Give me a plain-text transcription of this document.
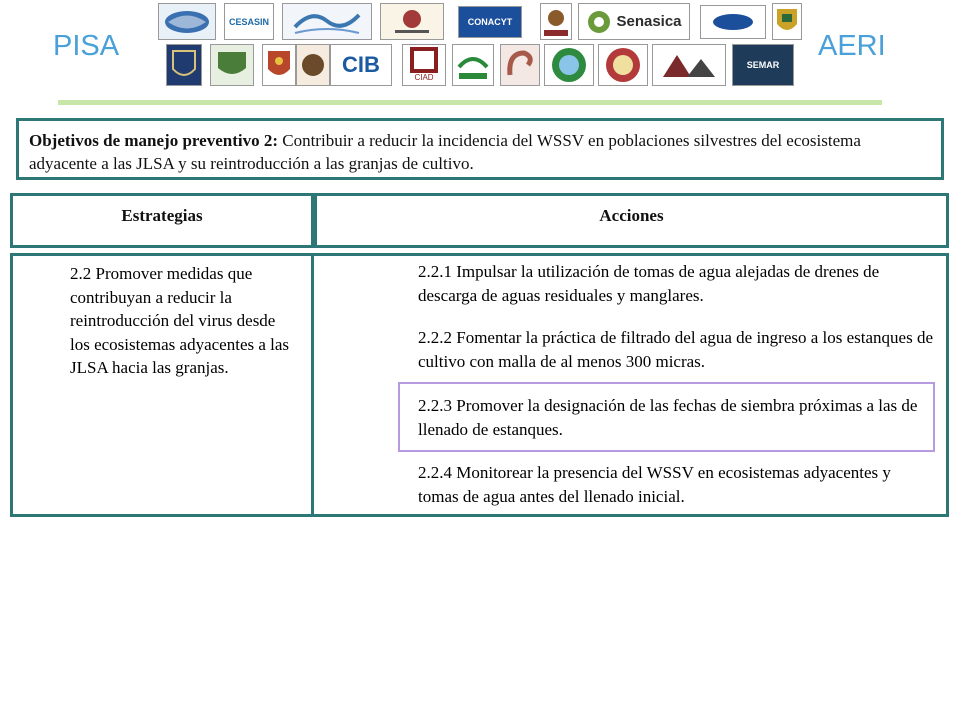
PISA	AERI
CESASIN	CONACYT	Senasica
CIB
CIAD
SEMAR
Objetivos de manejo preventivo 2: Contribuir a reducir la incidencia del WSSV en poblaciones silvestres del ecosistema adyacente a las JLSA y su reintroducción a las granjas de cultivo.
Estrategias	Acciones
2.2 Promover medidas que contribuyan a reducir la reintroducción del virus desde los ecosistemas adyacentes a las JLSA hacia las granjas.
2.2.1 Impulsar la utilización de tomas de agua alejadas de drenes de descarga de aguas residuales y manglares.
2.2.2 Fomentar la práctica de filtrado del agua de ingreso a los estanques de cultivo con malla de al menos 300 micras.
2.2.3 Promover la designación de las fechas de siembra próximas a las de llenado de estanques.
2.2.4 Monitorear la presencia del WSSV en ecosistemas adyacentes y tomas de agua antes del llenado inicial.
